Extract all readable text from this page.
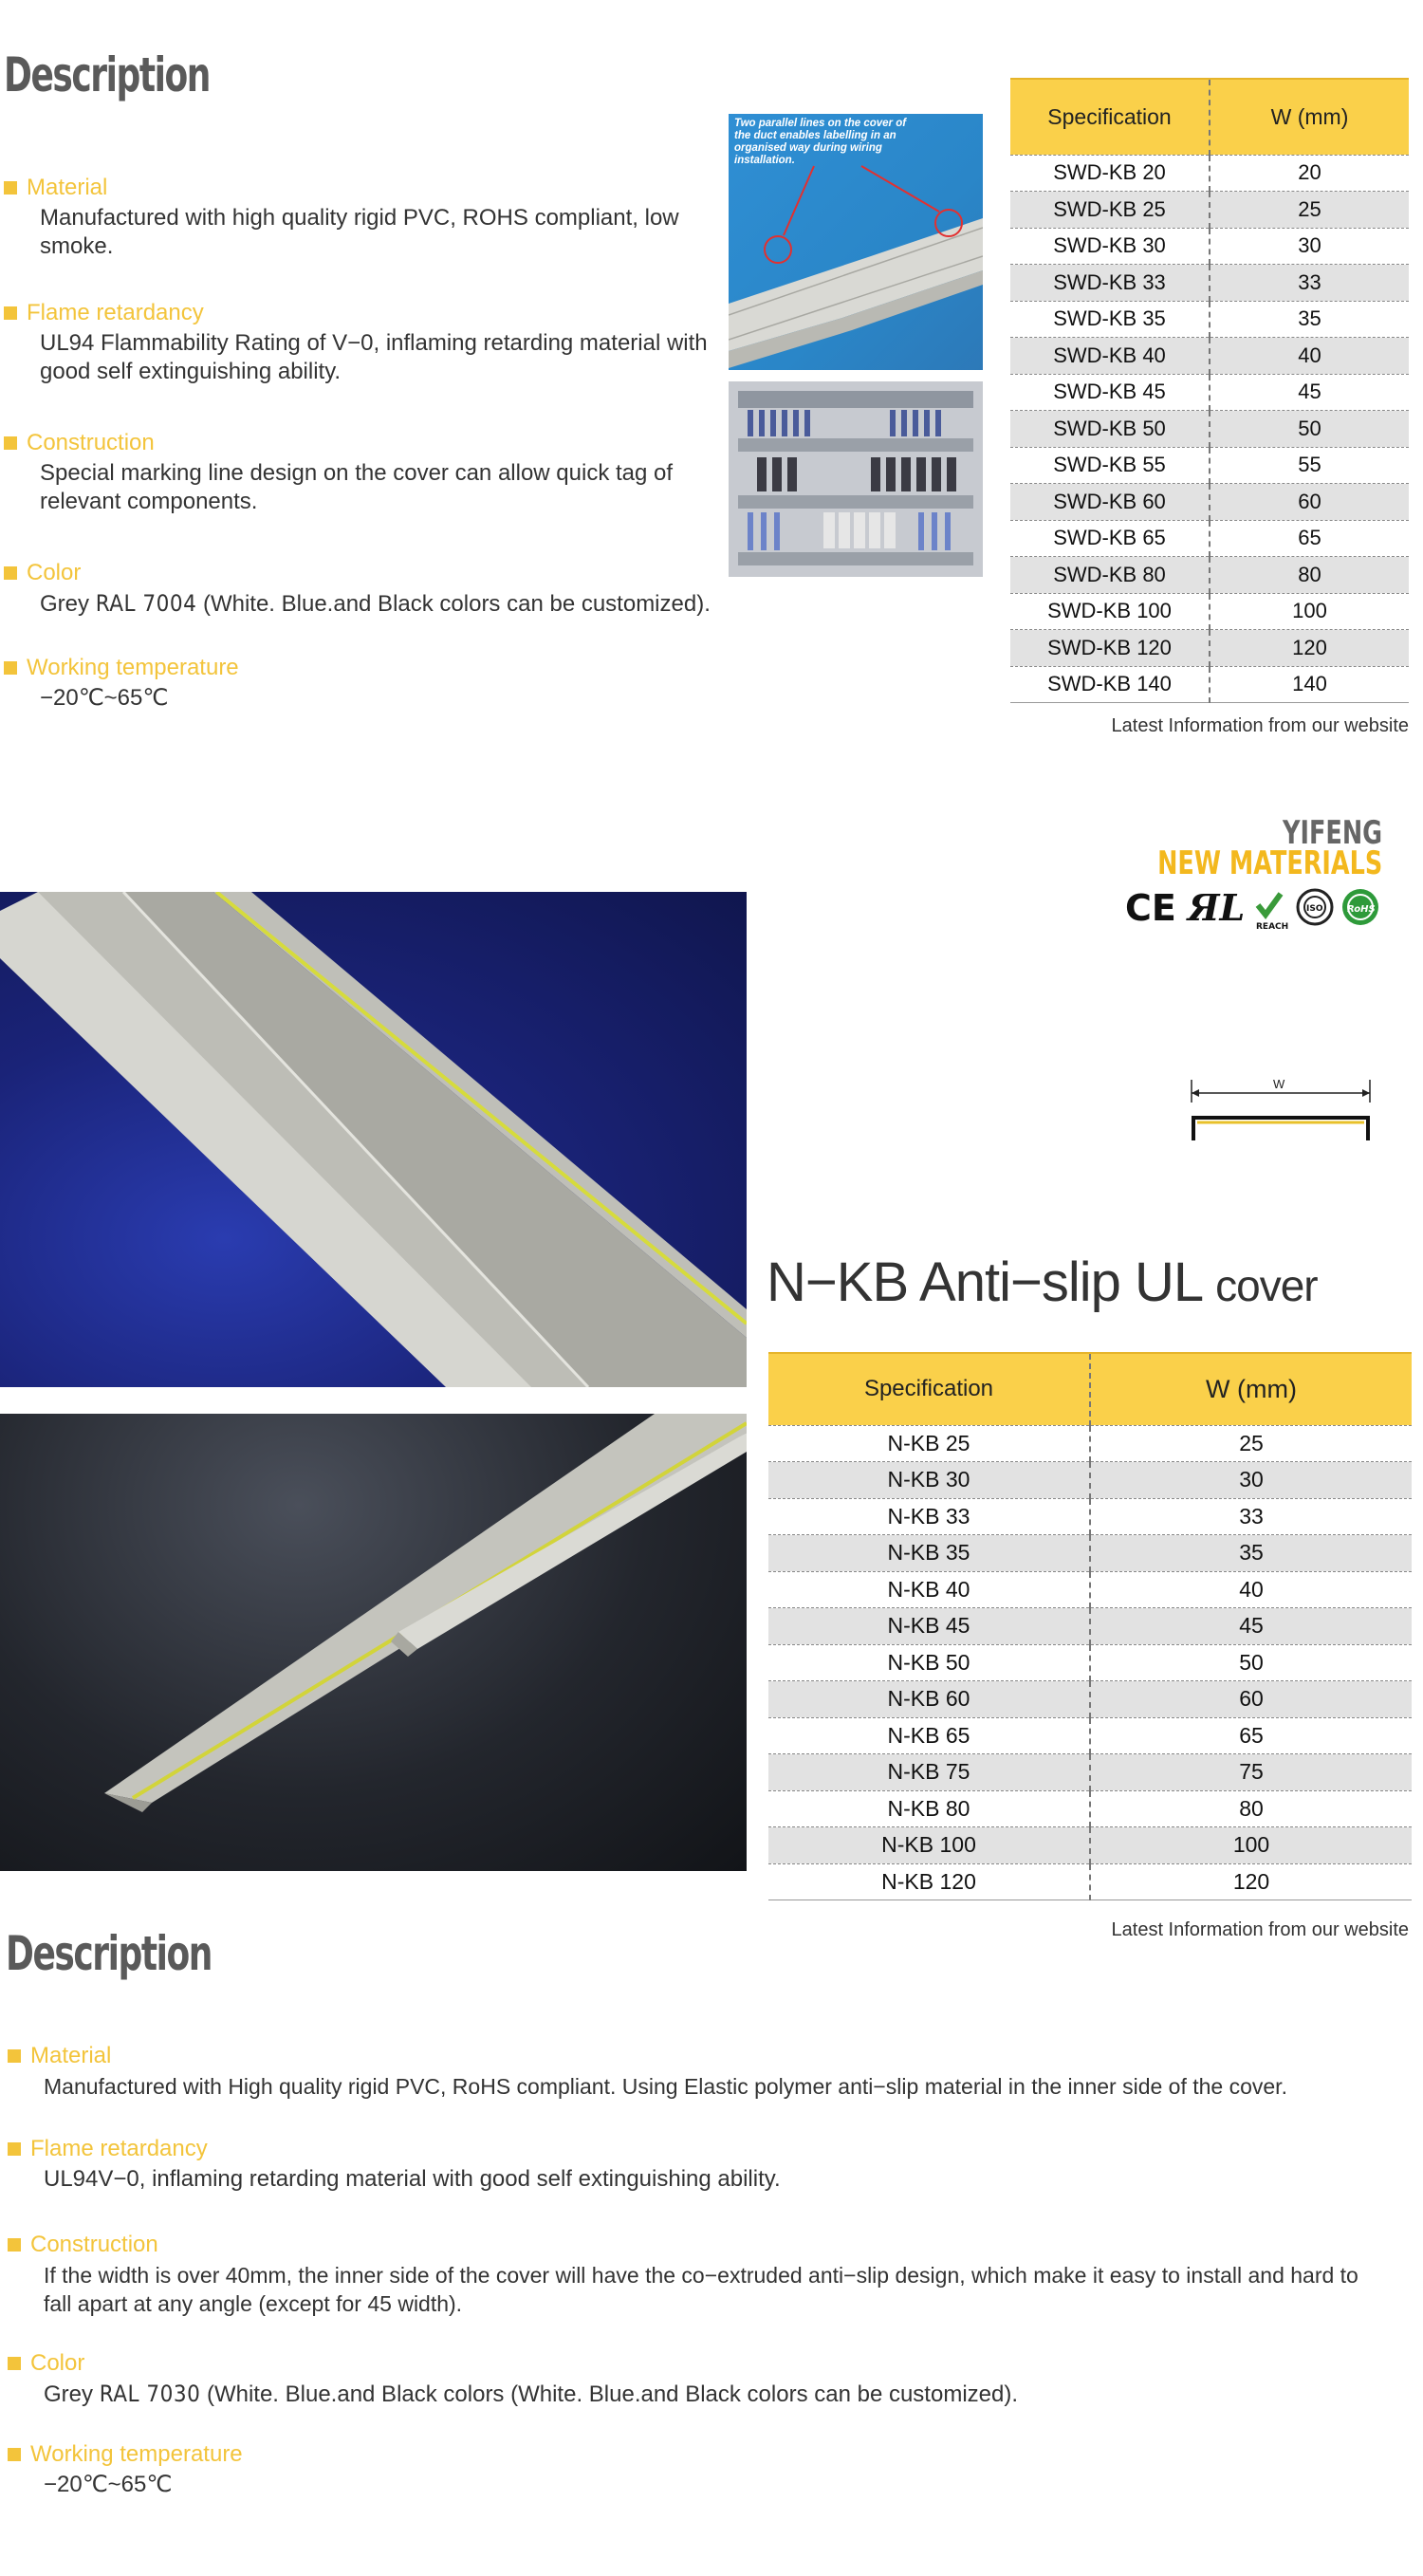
Description
Material
Manufactured with high quality rigid PVC, ROHS compliant, low smoke.
Flame retardancy
UL94 Flammability Rating of V−0, inflaming retarding material with good self extinguishing ability.
Construction
Special marking line design on the cover can allow quick tag of relevant components.
Color
Grey RAL 7004 (White. Blue.and Black colors can be customized).
Working temperature
−20℃~65℃
Two parallel lines on the cover of the duct enables labelling in an organised way during wiring installation.
Specification	W (mm)
SWD-KB 20	20
SWD-KB 25	25
SWD-KB 30	30
SWD-KB 33	33
SWD-KB 35	35
SWD-KB 40	40
SWD-KB 45	45
SWD-KB 50	50
SWD-KB 55	55
SWD-KB 60	60
SWD-KB 65	65
SWD-KB 80	80
SWD-KB 100	100
SWD-KB 120	120
SWD-KB 140	140
Latest Information from our website
YIFENG
NEW MATERIALS
CE ЯL REACH
ISO	RoHS
W
N−KB Anti−slip UL cover
Specification	W (mm)
N-KB 25	25
N-KB 30	30
N-KB 33	33
N-KB 35	35
N-KB 40	40
N-KB 45	45
N-KB 50	50
N-KB 60	60
N-KB 65	65
N-KB 75	75
N-KB 80	80
N-KB 100	100
N-KB 120	120
Latest Information from our website
Description
Material
Manufactured with High quality rigid PVC, RoHS compliant. Using Elastic polymer anti−slip material in the inner side of the cover.
Flame retardancy
UL94V−0, inflaming retarding material with good self extinguishing ability.
Construction
If the width is over 40mm, the inner side of the cover will have the co−extruded anti−slip design, which make it easy to install and hard to fall apart at any angle (except for 45 width).
Color
Grey RAL 7030 (White. Blue.and Black colors (White. Blue.and Black colors can be customized).
Working temperature
−20℃~65℃
